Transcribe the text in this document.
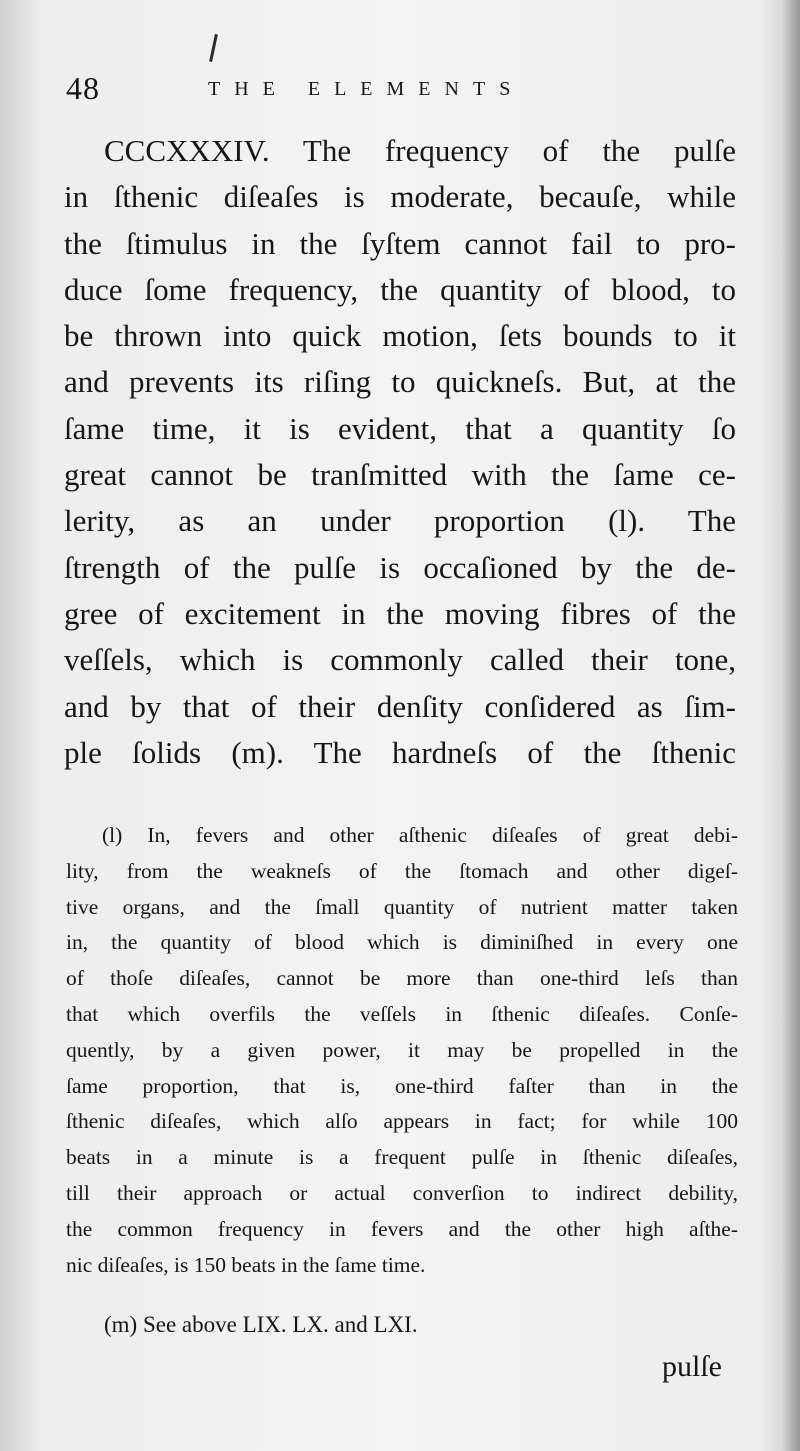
48	THE ELEMENTS
CCCXXXIV. The frequency of the pulſe
in ſthenic diſeaſes is moderate, becauſe, while
the ſtimulus in the ſyſtem cannot fail to pro-
duce ſome frequency, the quantity of blood, to
be thrown into quick motion, ſets bounds to it
and prevents its riſing to quickneſs. But, at the
ſame time, it is evident, that a quantity ſo
great cannot be tranſmitted with the ſame ce-
lerity, as an under proportion (l). The
ſtrength of the pulſe is occaſioned by the de-
gree of excitement in the moving fibres of the
veſſels, which is commonly called their tone,
and by that of their denſity conſidered as ſim-
ple ſolids (m). The hardneſs of the ſthenic
(l) In, fevers and other aſthenic diſeaſes of great debi-
lity, from the weakneſs of the ſtomach and other digeſ-
tive organs, and the ſmall quantity of nutrient matter taken
in, the quantity of blood which is diminiſhed in every one
of thoſe diſeaſes, cannot be more than one-third leſs than
that which overfils the veſſels in ſthenic diſeaſes. Conſe-
quently, by a given power, it may be propelled in the
ſame proportion, that is, one-third faſter than in the
ſthenic diſeaſes, which alſo appears in fact; for while 100
beats in a minute is a frequent pulſe in ſthenic diſeaſes,
till their approach or actual converſion to indirect debility,
the common frequency in fevers and the other high aſthe-
nic diſeaſes, is 150 beats in the ſame time.
(m) See above LIX. LX. and LXI.
pulſe
